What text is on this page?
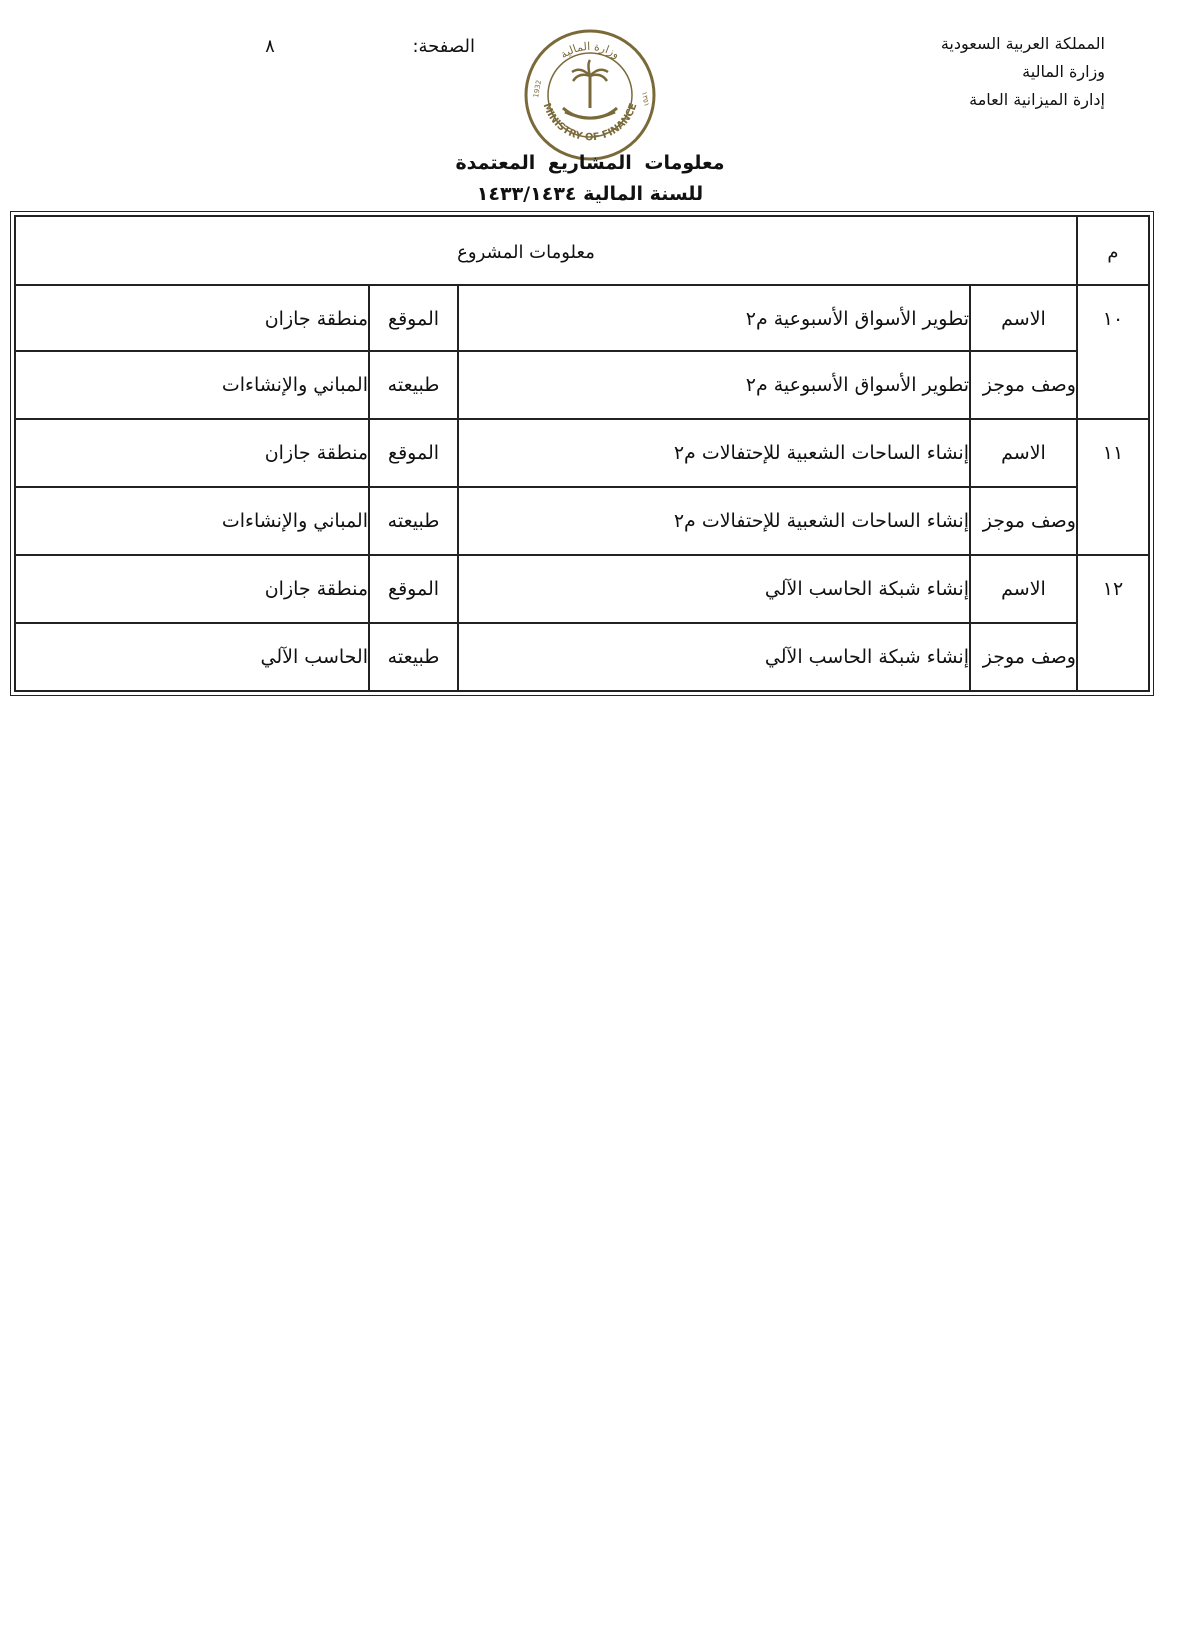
المملكة العربية السعودية
وزارة المالية
إدارة الميزانية العامة
الصفحة:
٨	وزارة المالية
MINISTRY OF FINANCE
1932
١٣٥١
معلومات المشاريع المعتمدة
للسنة المالية ١٤٣٣/١٤٣٤
م
معلومات المشروع
١٠
الاسم
تطوير الأسواق الأسبوعية م٢
الموقع
منطقة جازان
وصف موجز
تطوير الأسواق الأسبوعية م٢
طبيعته
المباني والإنشاءات
١١
الاسم
إنشاء الساحات الشعبية للإحتفالات م٢
الموقع
منطقة جازان
وصف موجز
إنشاء الساحات الشعبية للإحتفالات م٢
طبيعته
المباني والإنشاءات
١٢
الاسم
إنشاء شبكة الحاسب الآلي
الموقع
منطقة جازان
وصف موجز
إنشاء شبكة الحاسب الآلي
طبيعته
الحاسب الآلي
